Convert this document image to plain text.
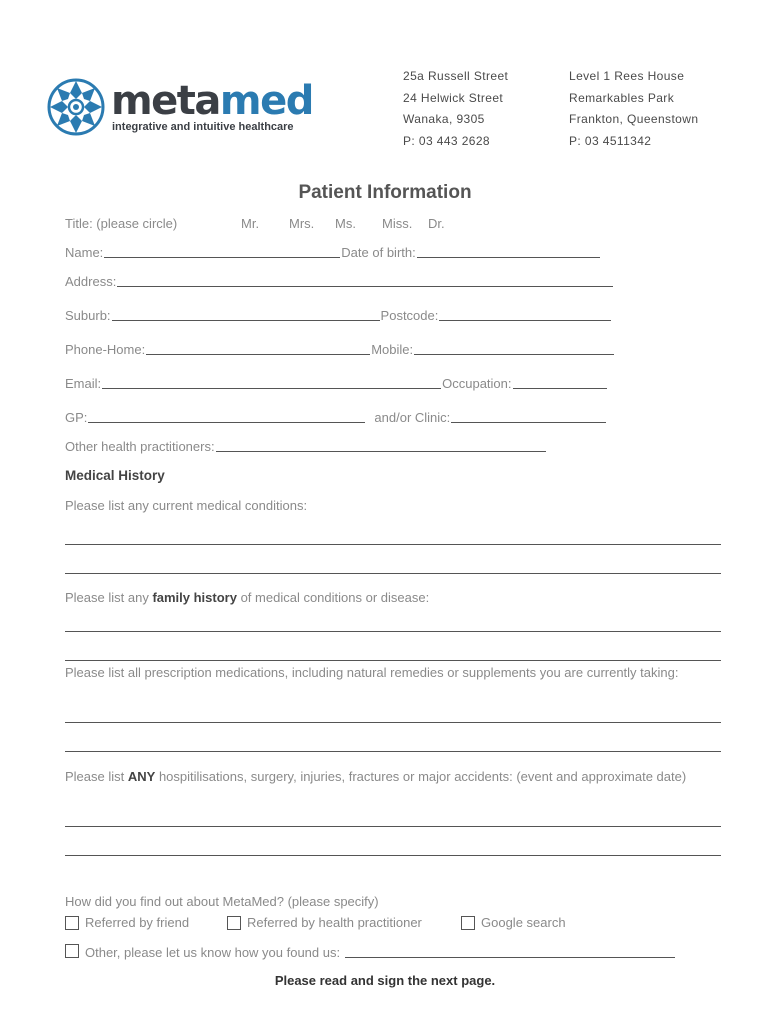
metamed
integrative and intuitive healthcare
25a Russell Street
24 Helwick Street
Wanaka, 9305
P: 03 443 2628
Level 1 Rees House
Remarkables Park
Frankton, Queenstown
P: 03 4511342
Patient Information
Title: (please circle)	Mr.	Mrs.	Ms.	Miss.	Dr.
Name:	Date of birth:
Address:
Suburb:	Postcode:
Phone-Home:	Mobile:
Email:	Occupation:
GP:	and/or Clinic:
Other health practitioners:
Medical History
Please list any current medical conditions:
Please list any family history of medical conditions or disease:
Please list all prescription medications, including natural remedies or supplements you are currently taking:
Please list ANY hospitilisations, surgery, injuries, fractures or major accidents: (event and approximate date)
How did you find out about MetaMed? (please specify)
Referred by friend	Referred by health practitioner	Google search
Other, please let us know how you found us:
Please read and sign the next page.
